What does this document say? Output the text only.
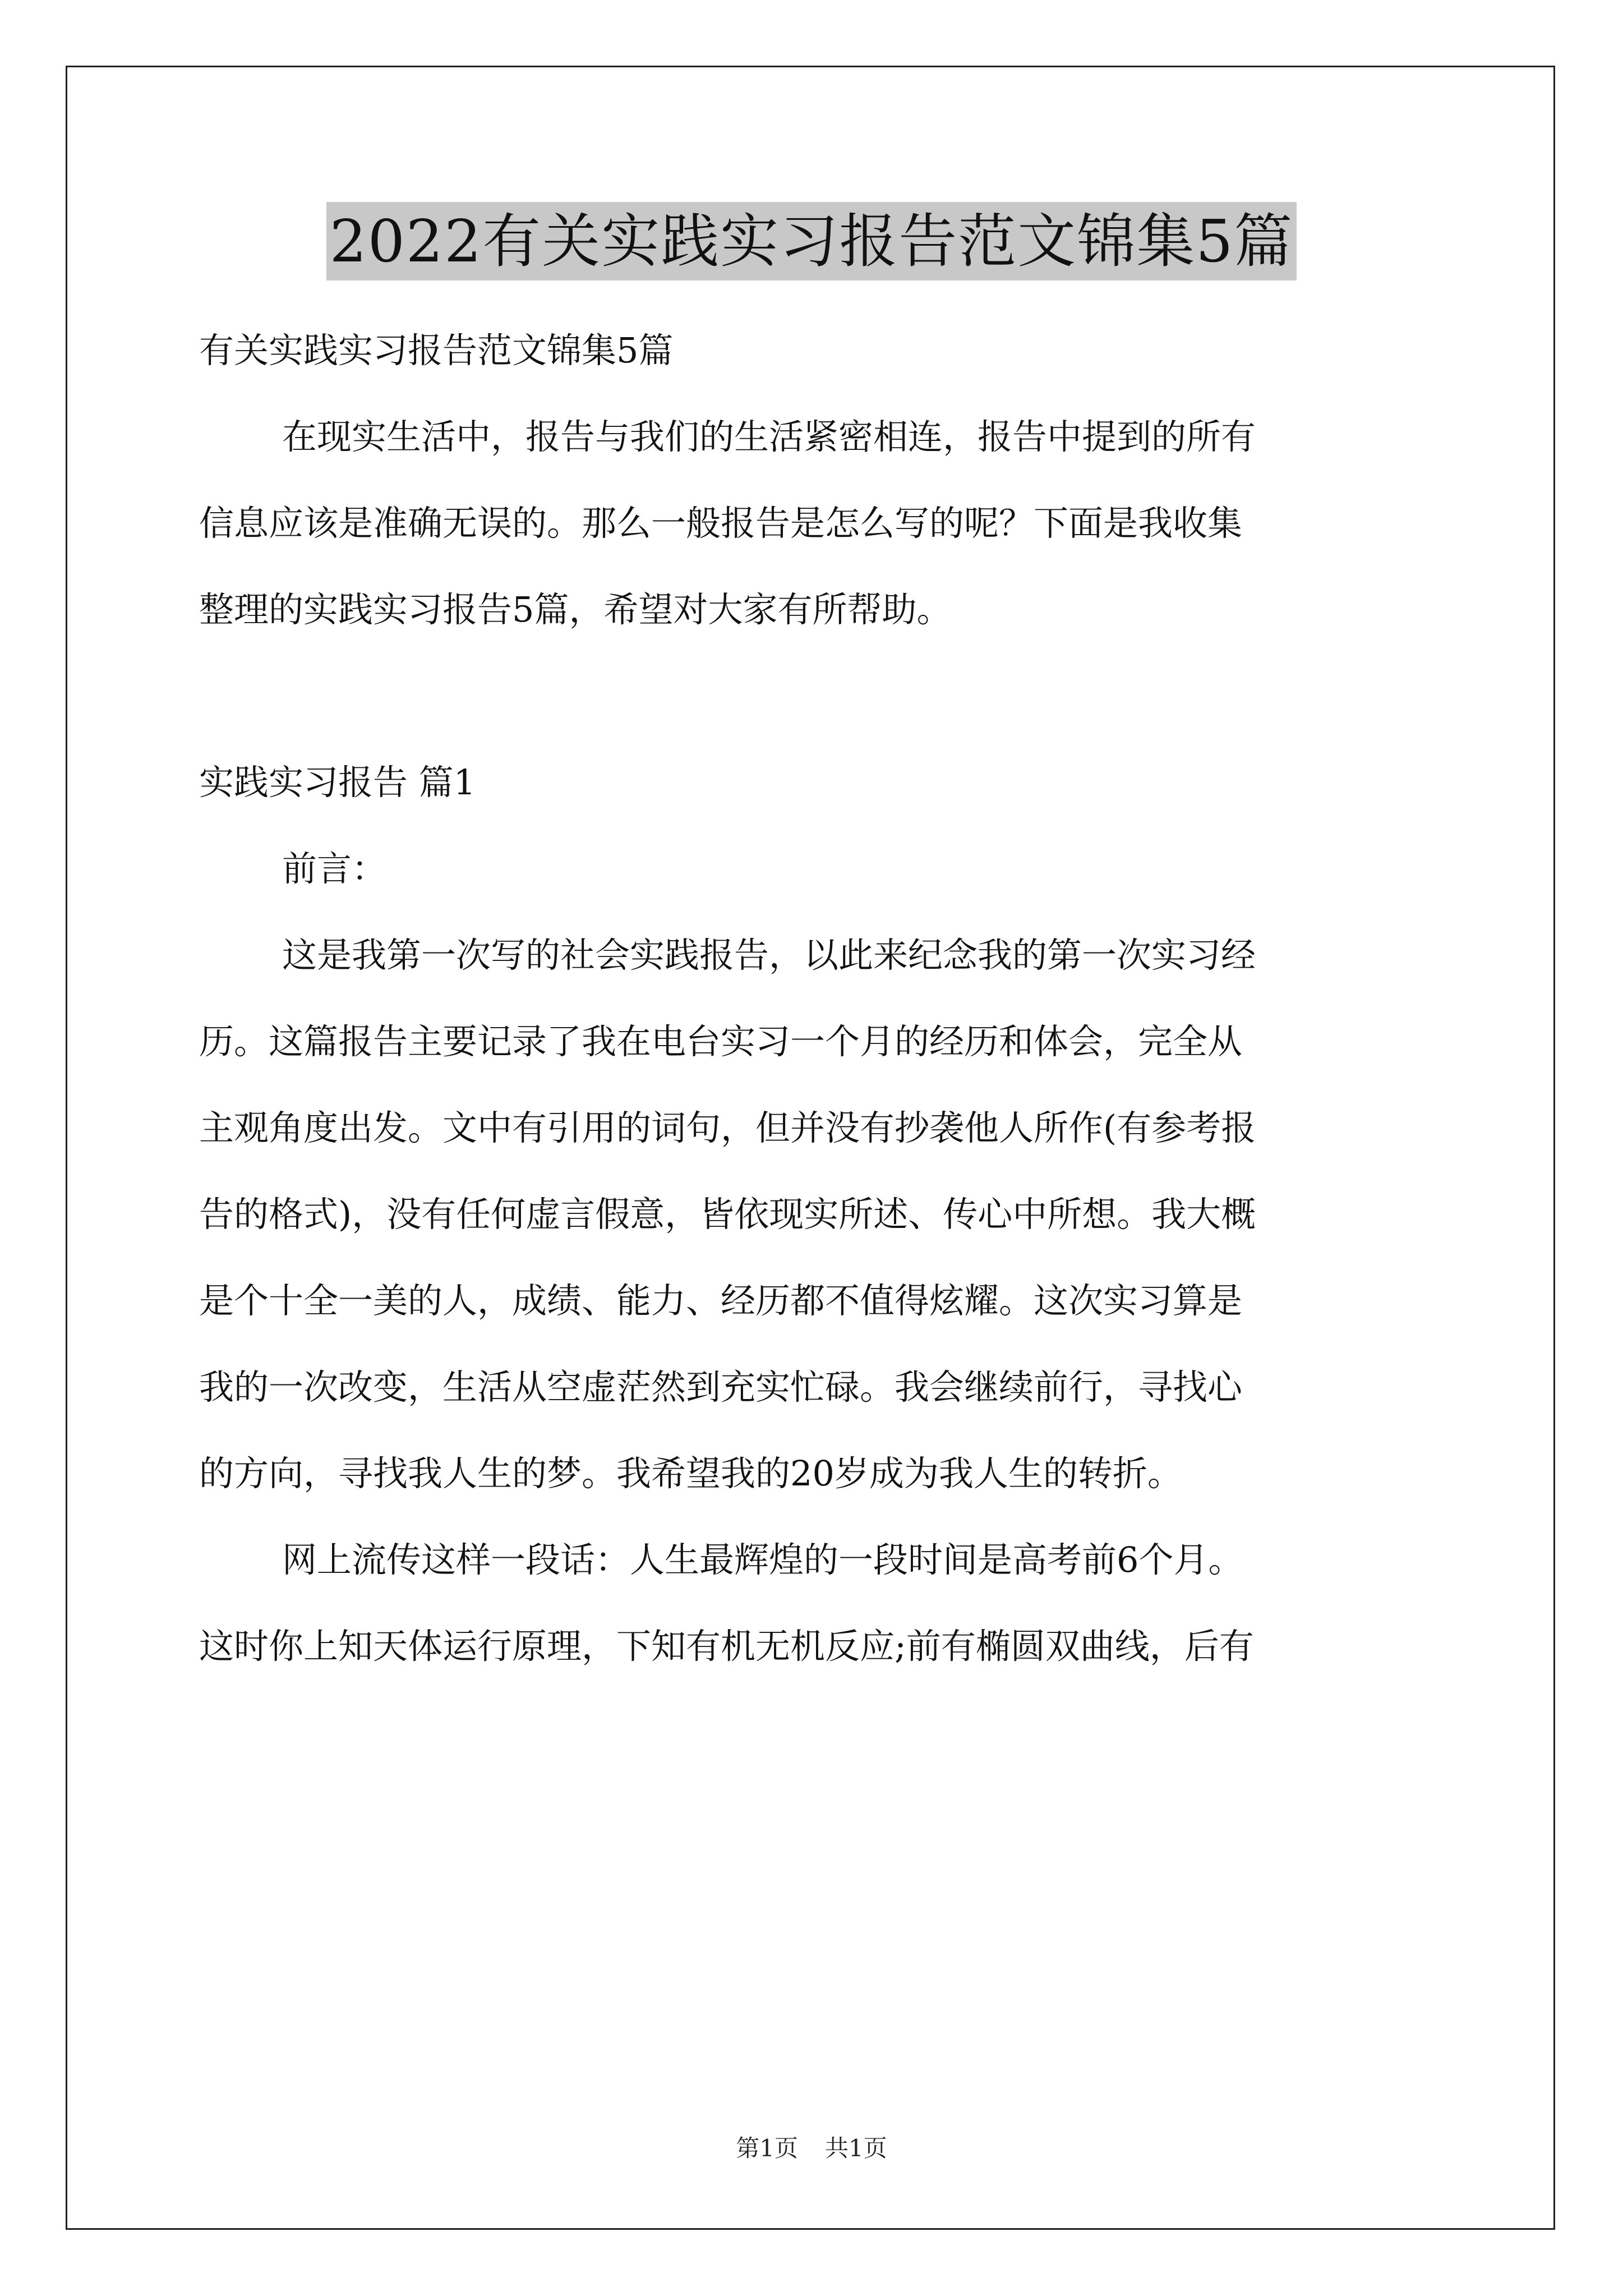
2022有关实践实习报告范文锦集5篇
有关实践实习报告范文锦集5篇
在现实生活中，报告与我们的生活紧密相连，报告中提到的所有
信息应该是准确无误的。那么一般报告是怎么写的呢？下面是我收集
整理的实践实习报告5篇，希望对大家有所帮助。
实践实习报告 篇1
前言：
这是我第一次写的社会实践报告，以此来纪念我的第一次实习经
历。这篇报告主要记录了我在电台实习一个月的经历和体会，完全从
主观角度出发。文中有引用的词句，但并没有抄袭他人所作(有参考报
告的格式)，没有任何虚言假意，皆依现实所述、传心中所想。我大概
是个十全一美的人，成绩、能力、经历都不值得炫耀。这次实习算是
我的一次改变，生活从空虚茫然到充实忙碌。我会继续前行，寻找心
的方向，寻找我人生的梦。我希望我的20岁成为我人生的转折。
网上流传这样一段话：人生最辉煌的一段时间是高考前6个月。
这时你上知天体运行原理，下知有机无机反应;前有椭圆双曲线，后有
第1页 共1页
